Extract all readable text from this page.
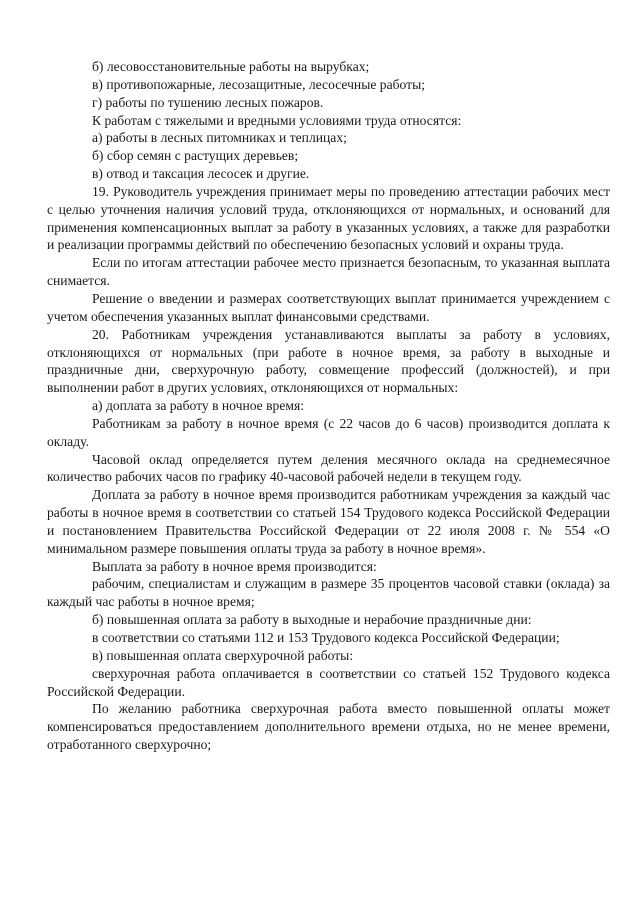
б) лесовосстановительные работы на вырубках;

в) противопожарные, лесозащитные, лесосечные работы;

г) работы по тушению лесных пожаров.

К работам с тяжелыми и вредными условиями труда относятся:

а) работы в лесных питомниках и теплицах;

б) сбор семян с растущих деревьев;

в) отвод и таксация лесосек и другие.

19. Руководитель учреждения принимает меры по проведению аттестации рабочих мест с целью уточнения наличия условий труда, отклоняющихся от нормальных, и оснований для применения компенсационных выплат за работу в указанных условиях, а также для разработки и реализации программы действий по обеспечению безопасных условий и охраны труда.

Если по итогам аттестации рабочее место признается безопасным, то указанная выплата снимается.

Решение о введении и размерах соответствующих выплат принимается учреждением с учетом обеспечения указанных выплат финансовыми средствами.

20. Работникам учреждения устанавливаются выплаты за работу в условиях, отклоняющихся от нормальных (при работе в ночное время, за работу в выходные и праздничные дни, сверхурочную работу, совмещение профессий (должностей), и при выполнении работ в других условиях, отклоняющихся от нормальных:

а) доплата за работу в ночное время:

Работникам за работу в ночное время (с 22 часов до 6 часов) производится доплата к окладу.

Часовой оклад определяется путем деления месячного оклада на среднемесячное количество рабочих часов по графику 40-часовой рабочей недели в текущем году.

Доплата за работу в ночное время производится работникам учреждения за каждый час работы в ночное время в соответствии со статьей 154 Трудового кодекса Российской Федерации и постановлением Правительства Российской Федерации от 22 июля 2008 г. № 554 «О минимальном размере повышения оплаты труда за работу в ночное время».

Выплата за работу в ночное время производится:

рабочим, специалистам и служащим в размере 35 процентов часовой ставки (оклада) за каждый час работы в ночное время;

б) повышенная оплата за работу в выходные и нерабочие праздничные дни:

в соответствии со статьями 112 и 153 Трудового кодекса Российской Федерации;

в) повышенная оплата сверхурочной работы:

сверхурочная работа оплачивается в соответствии со статьей 152 Трудового кодекса Российской Федерации.

По желанию работника сверхурочная работа вместо повышенной оплаты может компенсироваться предоставлением дополнительного времени отдыха, но не менее времени, отработанного сверхурочно;
